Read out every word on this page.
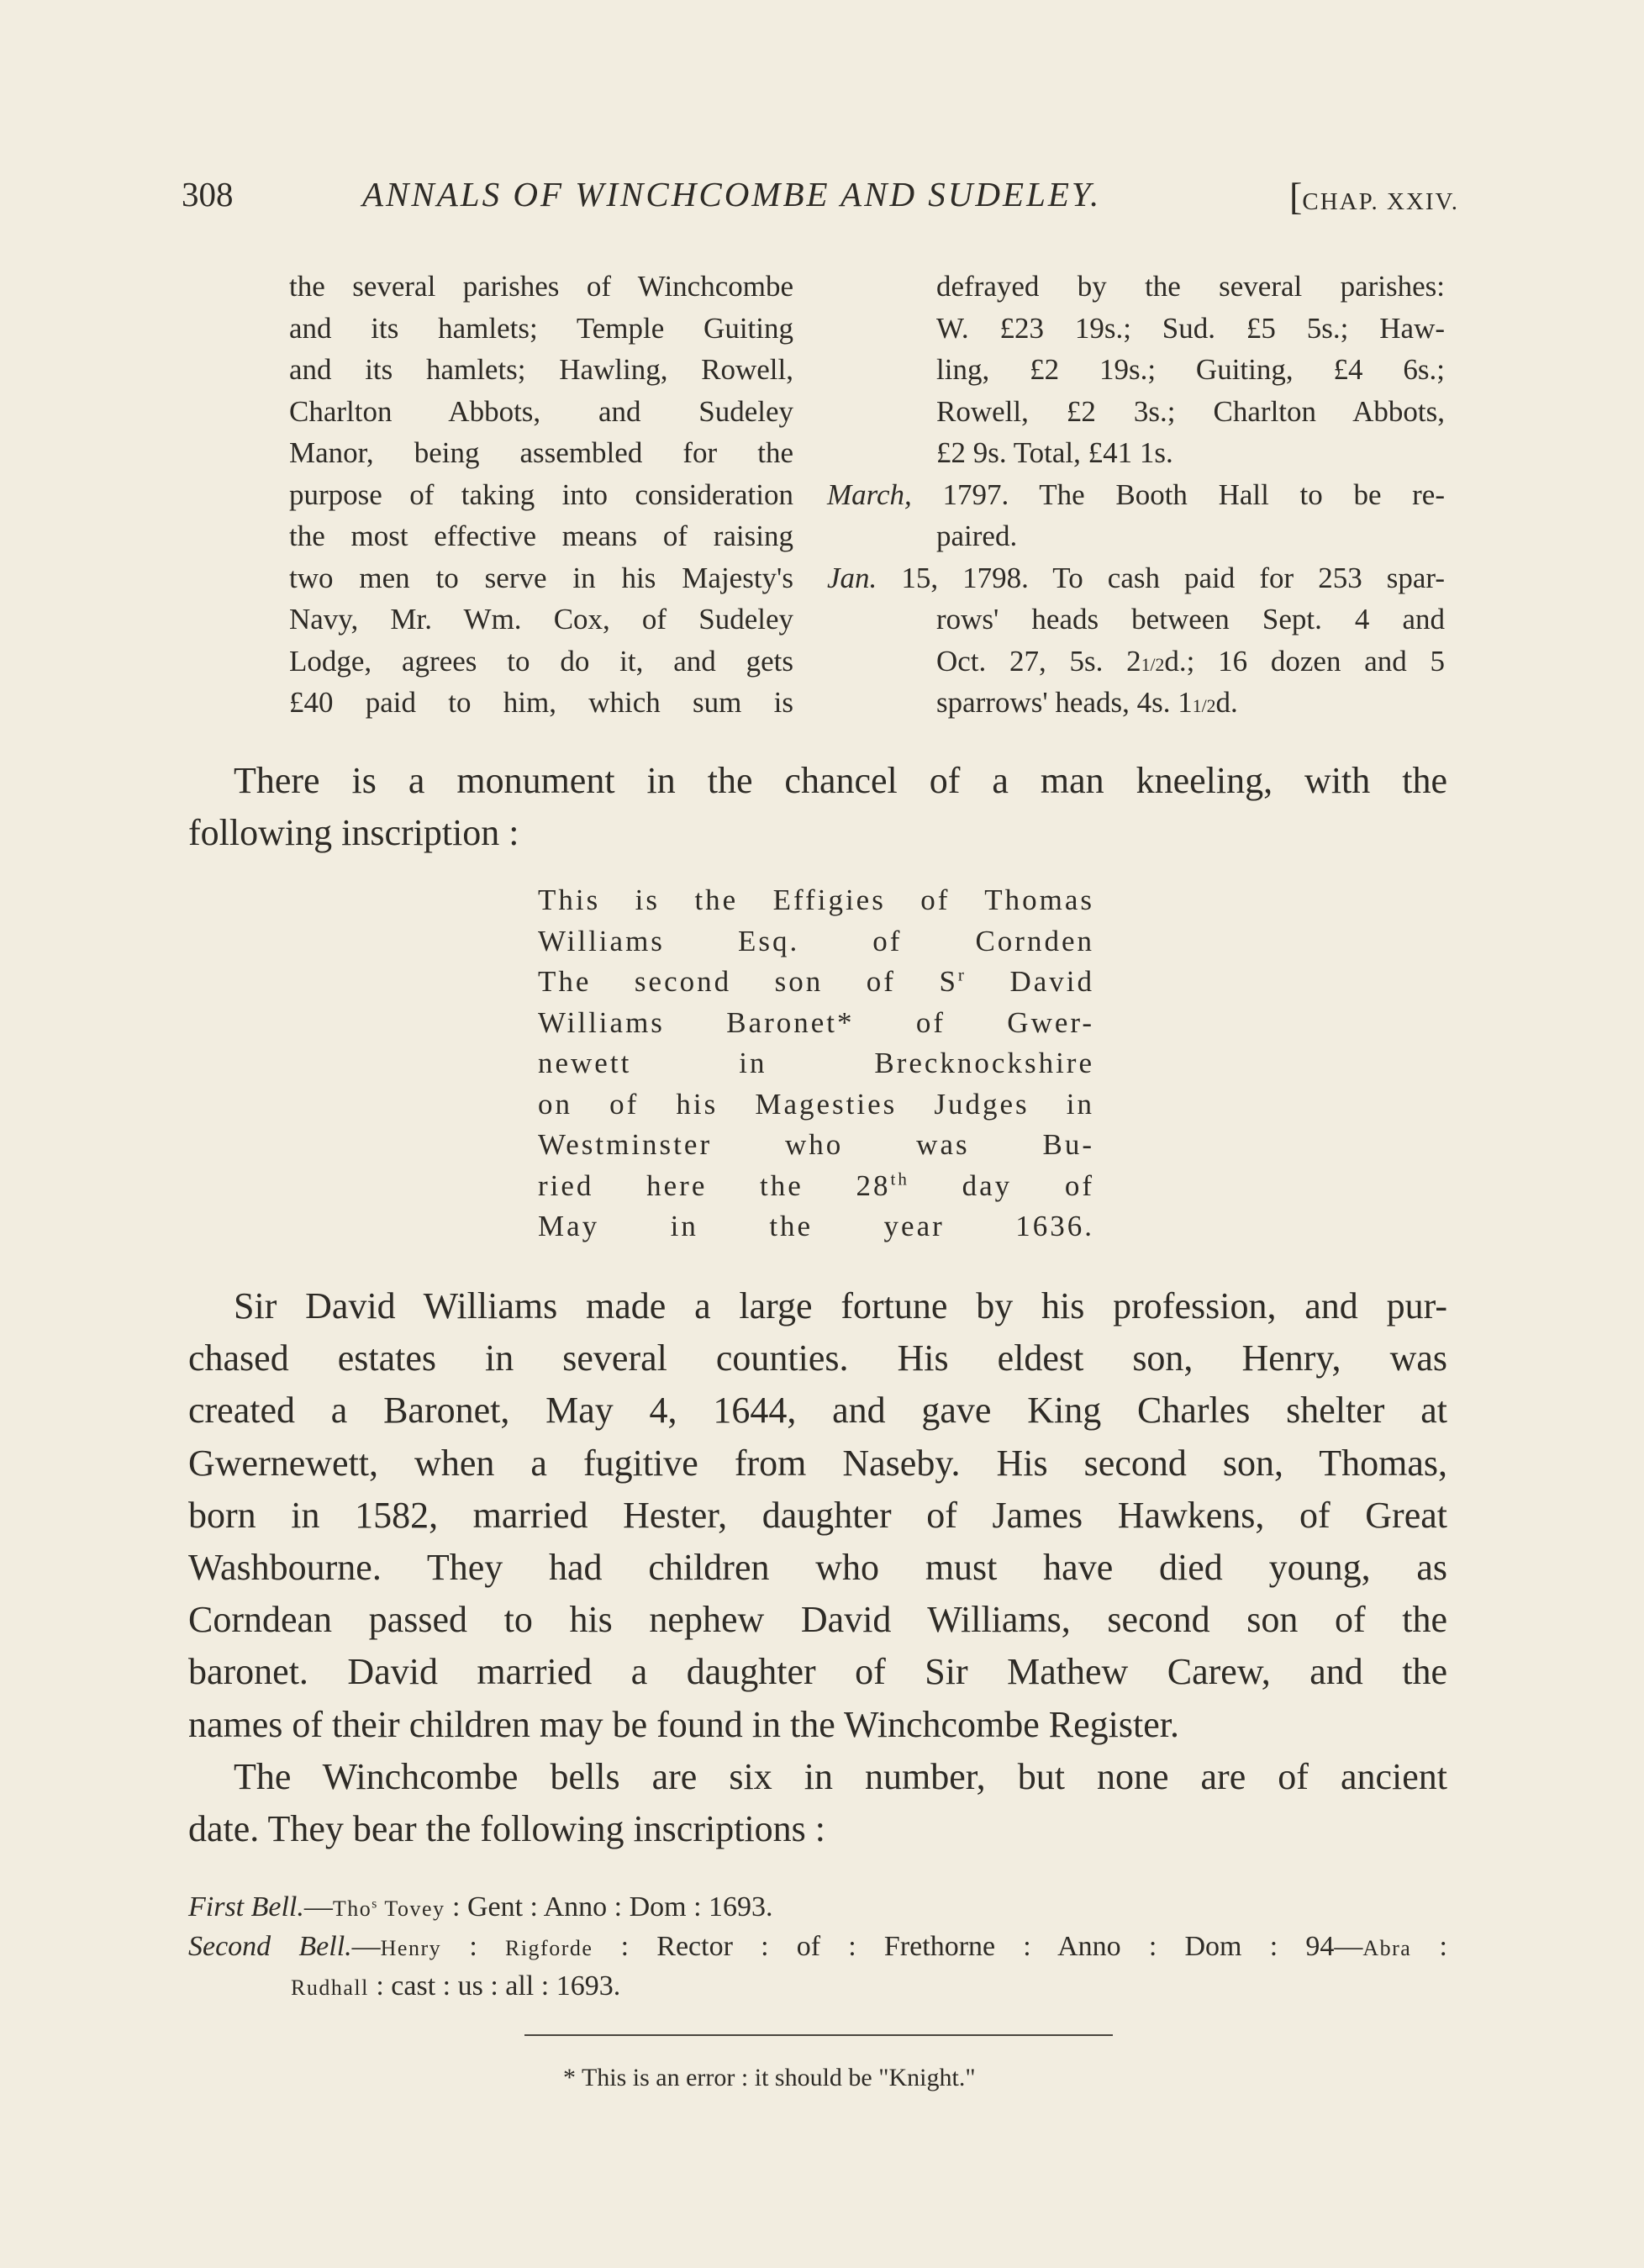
308	ANNALS OF WINCHCOMBE AND SUDELEY.	[CHAP. XXIV.
the several parishes of Winchcombe
and its hamlets; Temple Guiting
and its hamlets; Hawling, Rowell,
Charlton Abbots, and Sudeley
Manor, being assembled for the
purpose of taking into consideration
the most effective means of raising
two men to serve in his Majesty's
Navy, Mr. Wm. Cox, of Sudeley
Lodge, agrees to do it, and gets
£40 paid to him, which sum is
defrayed by the several parishes:
W. £23 19s.; Sud. £5 5s.; Haw-
ling, £2 19s.; Guiting, £4 6s.;
Rowell, £2 3s.; Charlton Abbots,
£2 9s. Total, £41 1s.
March, 1797. The Booth Hall to be re-
paired.
Jan. 15, 1798. To cash paid for 253 spar-
rows' heads between Sept. 4 and
Oct. 27, 5s. 21/2d.; 16 dozen and 5
sparrows' heads, 4s. 11/2d.
There is a monument in the chancel of a man kneeling, with the
following inscription :
This is the Effigies of Thomas
Williams Esq. of Cornden
The second son of $S^r$ David
Williams Baronet* of Gwer-
newett in Brecknockshire
on of his Magesties Judges in
Westminster who was Bu-
ried here the 28th day of
May in the year 1636.
Sir David Williams made a large fortune by his profession, and pur-
chased estates in several counties. His eldest son, Henry, was
created a Baronet, May 4, 1644, and gave King Charles shelter at
Gwernewett, when a fugitive from Naseby. His second son, Thomas,
born in 1582, married Hester, daughter of James Hawkens, of Great
Washbourne. They had children who must have died young, as
Corndean passed to his nephew David Williams, second son of the
baronet. David married a daughter of Sir Mathew Carew, and the
names of their children may be found in the Winchcombe Register.
The Winchcombe bells are six in number, but none are of ancient
date. They bear the following inscriptions :
First Bell.—Tho$^s$ Tovey : Gent : Anno : Dom : 1693.
Second Bell.—Henry : Rigforde : Rector : of : Frethorne : Anno : Dom : 94—Abra :
Rudhall : cast : us : all : 1693.
* This is an error : it should be "Knight."
